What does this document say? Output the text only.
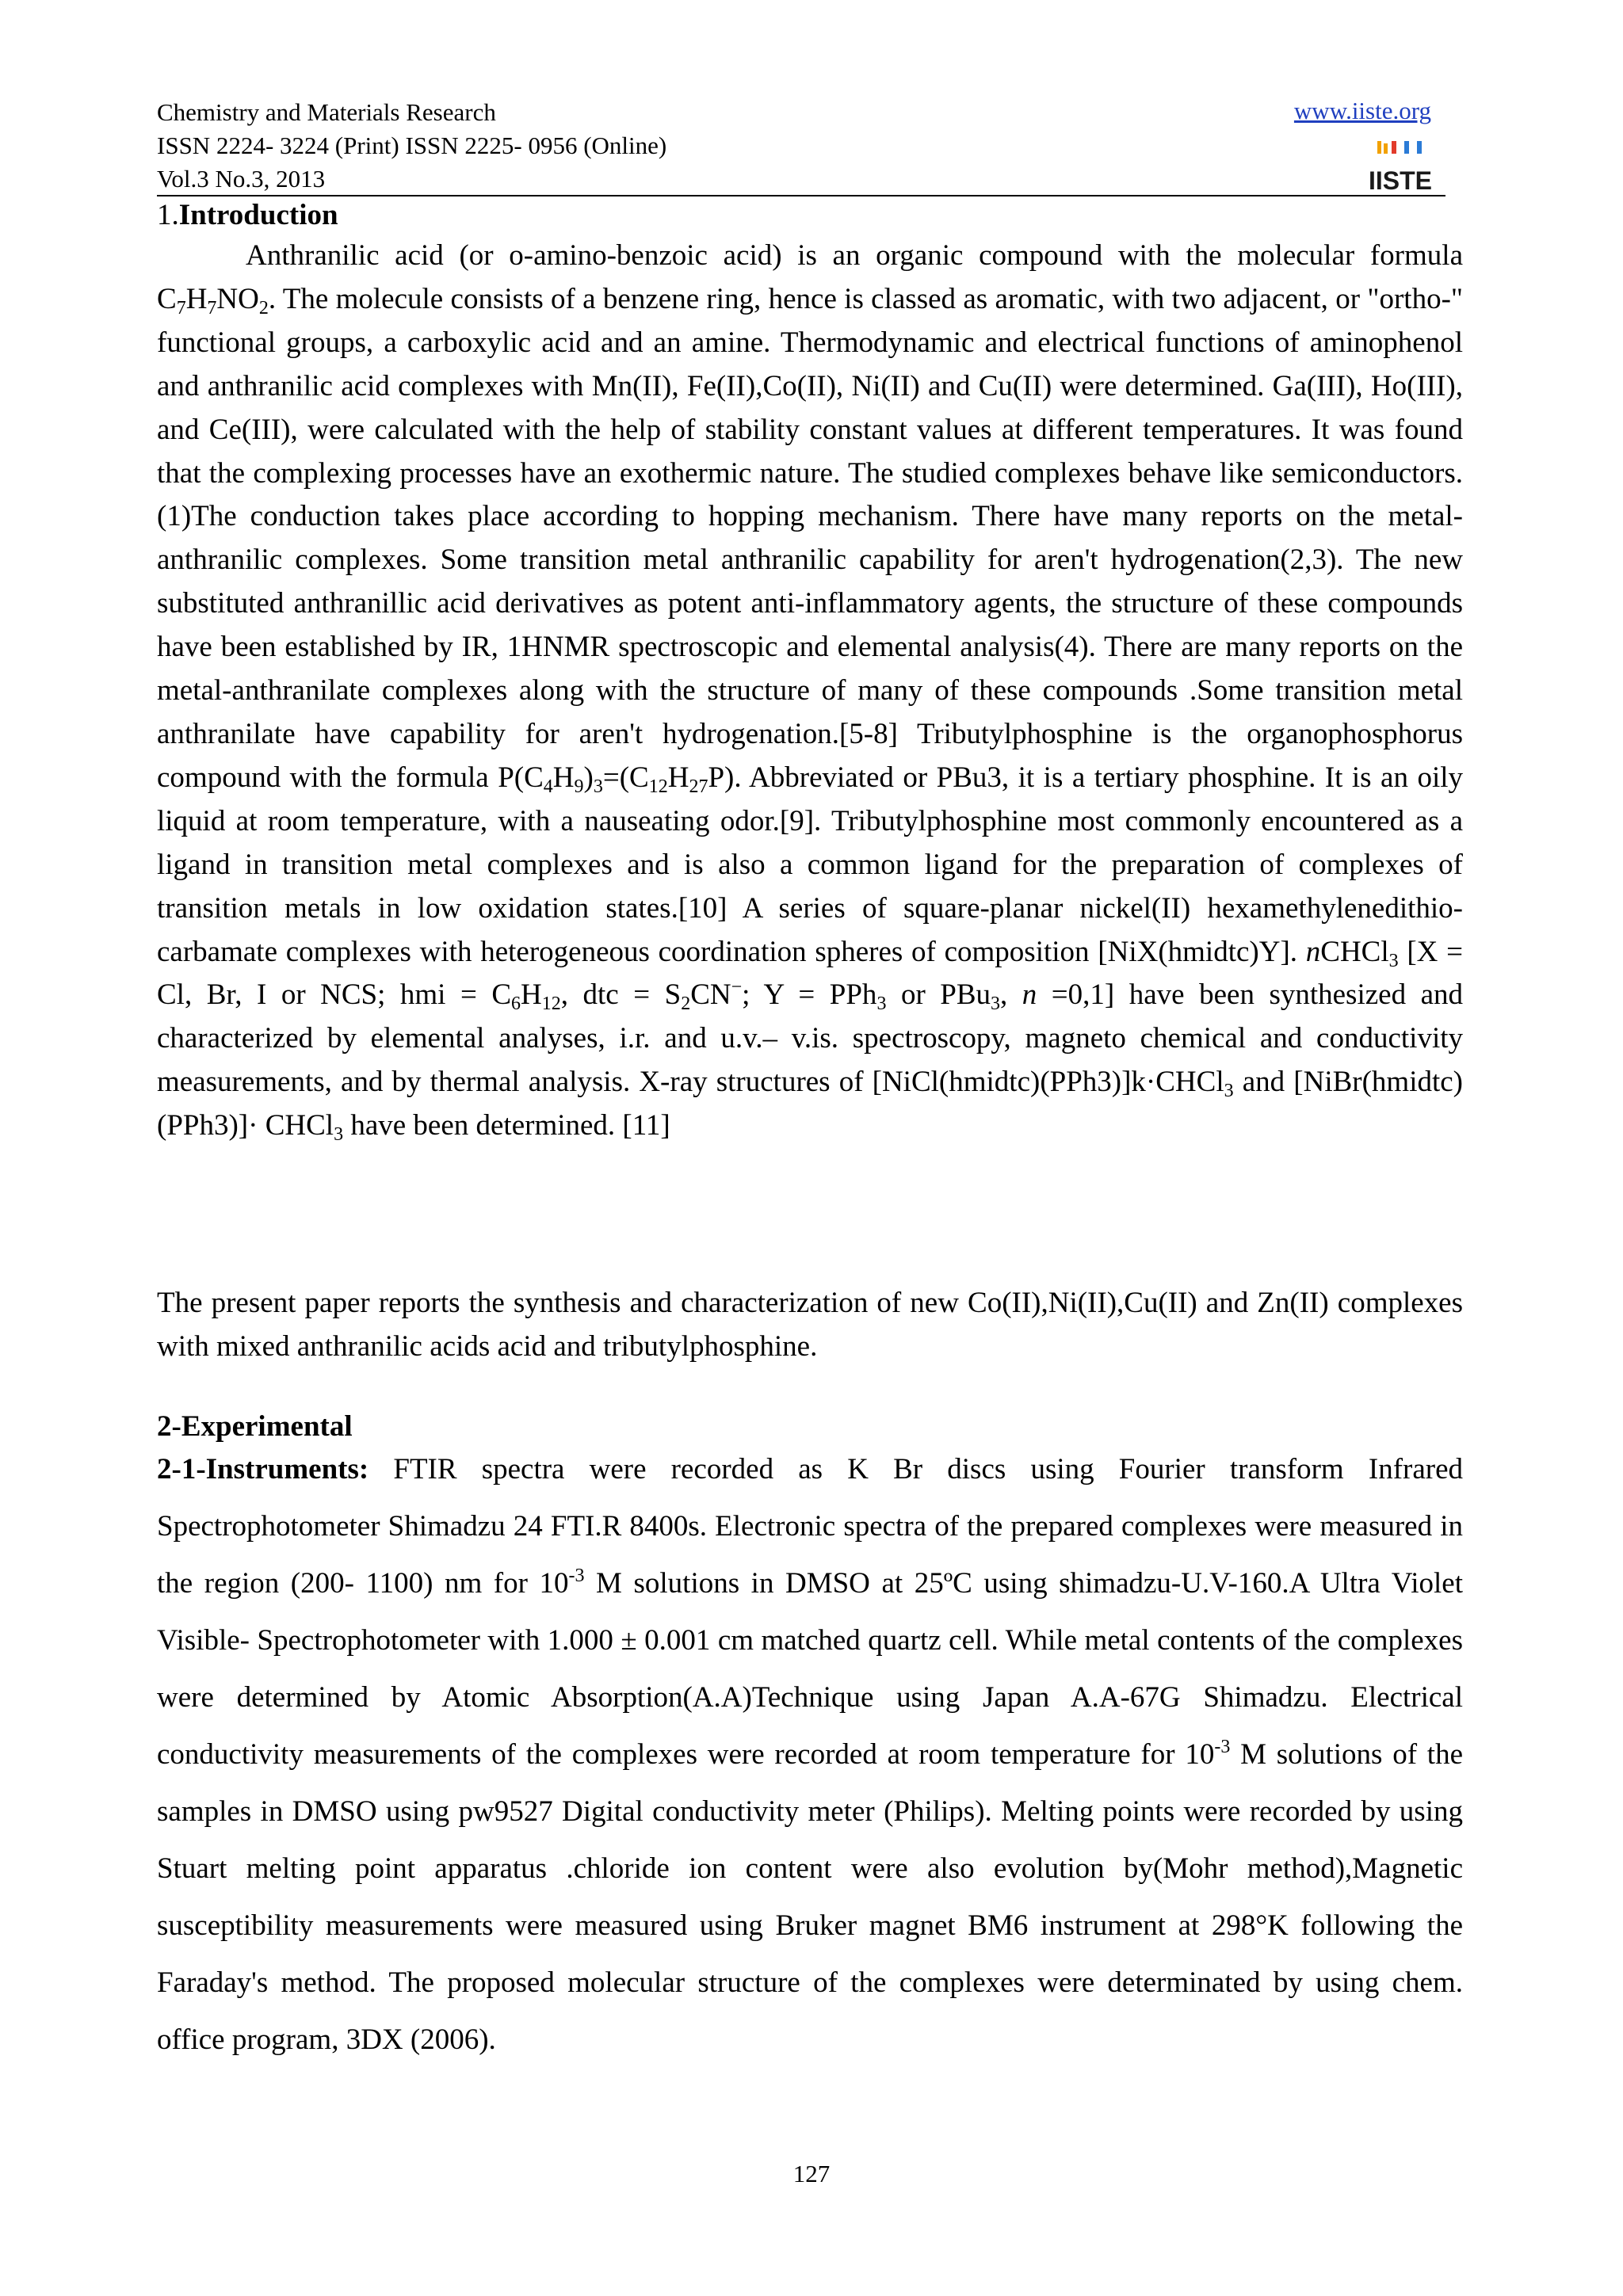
Chemistry and Materials Research
ISSN 2224- 3224 (Print) ISSN 2225- 0956 (Online)
Vol.3 No.3, 2013
www.iiste.org
IISTE
1.Introduction
Anthranilic acid (or o-amino-benzoic acid) is an organic compound with the molecular formula $C_7H_7NO_2$. The molecule consists of a benzene ring, hence is classed as aromatic, with two adjacent, or "ortho-" functional groups, a carboxylic acid and an amine. Thermodynamic and electrical functions of aminophenol and anthranilic acid complexes with Mn(II), Fe(II),Co(II), Ni(II) and Cu(II) were determined. Ga(III), Ho(III), and Ce(III), were calculated with the help of stability constant values at different temperatures. It was found that the complexing processes have an exothermic nature. The studied complexes behave like semiconductors. (1)The conduction takes place according to hopping mechanism. There have many reports on the metal-anthranilic complexes. Some transition metal anthranilic capability for aren't hydrogenation(2,3). The new substituted anthranillic acid derivatives as potent anti-inflammatory agents, the structure of these compounds have been established by IR, 1HNMR spectroscopic and elemental analysis(4). There are many reports on the metal-anthranilate complexes along with the structure of many of these compounds .Some transition metal anthranilate have capability for aren't hydrogenation.[5-8] Tributylphosphine is the organophosphorus compound with the formula $P(C_4H_9)_3=(C_{12}H_{27}P)$. Abbreviated or PBu3, it is a tertiary phosphine. It is an oily liquid at room temperature, with a nauseating odor.[9]. Tributylphosphine most commonly encountered as a ligand in transition metal complexes and is also a common ligand for the preparation of complexes of transition metals in low oxidation states.[10] A series of square-planar nickel(II) hexamethylenedithio-carbamate complexes with heterogeneous coordination spheres of composition [NiX(hmidtc)Y]. nCHCl$_3$ [X = Cl, Br, I or NCS; hmi = $C_6H_{12}$, dtc = $S_2CN^-$; Y = PPh$_3$ or PBu$_3$, n =0,1] have been synthesized and characterized by elemental analyses, i.r. and u.v.– v.is. spectroscopy, magneto chemical and conductivity measurements, and by thermal analysis. X-ray structures of [NiCl(hmidtc)(PPh3)]k·CHCl$_3$ and [NiBr(hmidtc)(PPh3)]· CHCl$_3$ have been determined. [11]
The present paper reports the synthesis and characterization of new Co(II),Ni(II),Cu(II) and Zn(II) complexes with mixed anthranilic acids acid and tributylphosphine.
2-Experimental
2-1-Instruments: FTIR spectra were recorded as K Br discs using Fourier transform Infrared Spectrophotometer Shimadzu 24 FTI.R 8400s. Electronic spectra of the prepared complexes were measured in the region (200- 1100) nm for $10^{-3}$ M solutions in DMSO at 25ºC using shimadzu-U.V-160.A Ultra Violet Visible- Spectrophotometer with 1.000 ± 0.001 cm matched quartz cell. While metal contents of the complexes were determined by Atomic Absorption(A.A)Technique using Japan A.A-67G Shimadzu. Electrical conductivity measurements of the complexes were recorded at room temperature for $10^{-3}$ M solutions of the samples in DMSO using pw9527 Digital conductivity meter (Philips). Melting points were recorded by using Stuart melting point apparatus .chloride ion content were also evolution by(Mohr method),Magnetic susceptibility measurements were measured using Bruker magnet BM6 instrument at 298°K following the Faraday's method. The proposed molecular structure of the complexes were determinated by using chem. office program, 3DX (2006).
127
